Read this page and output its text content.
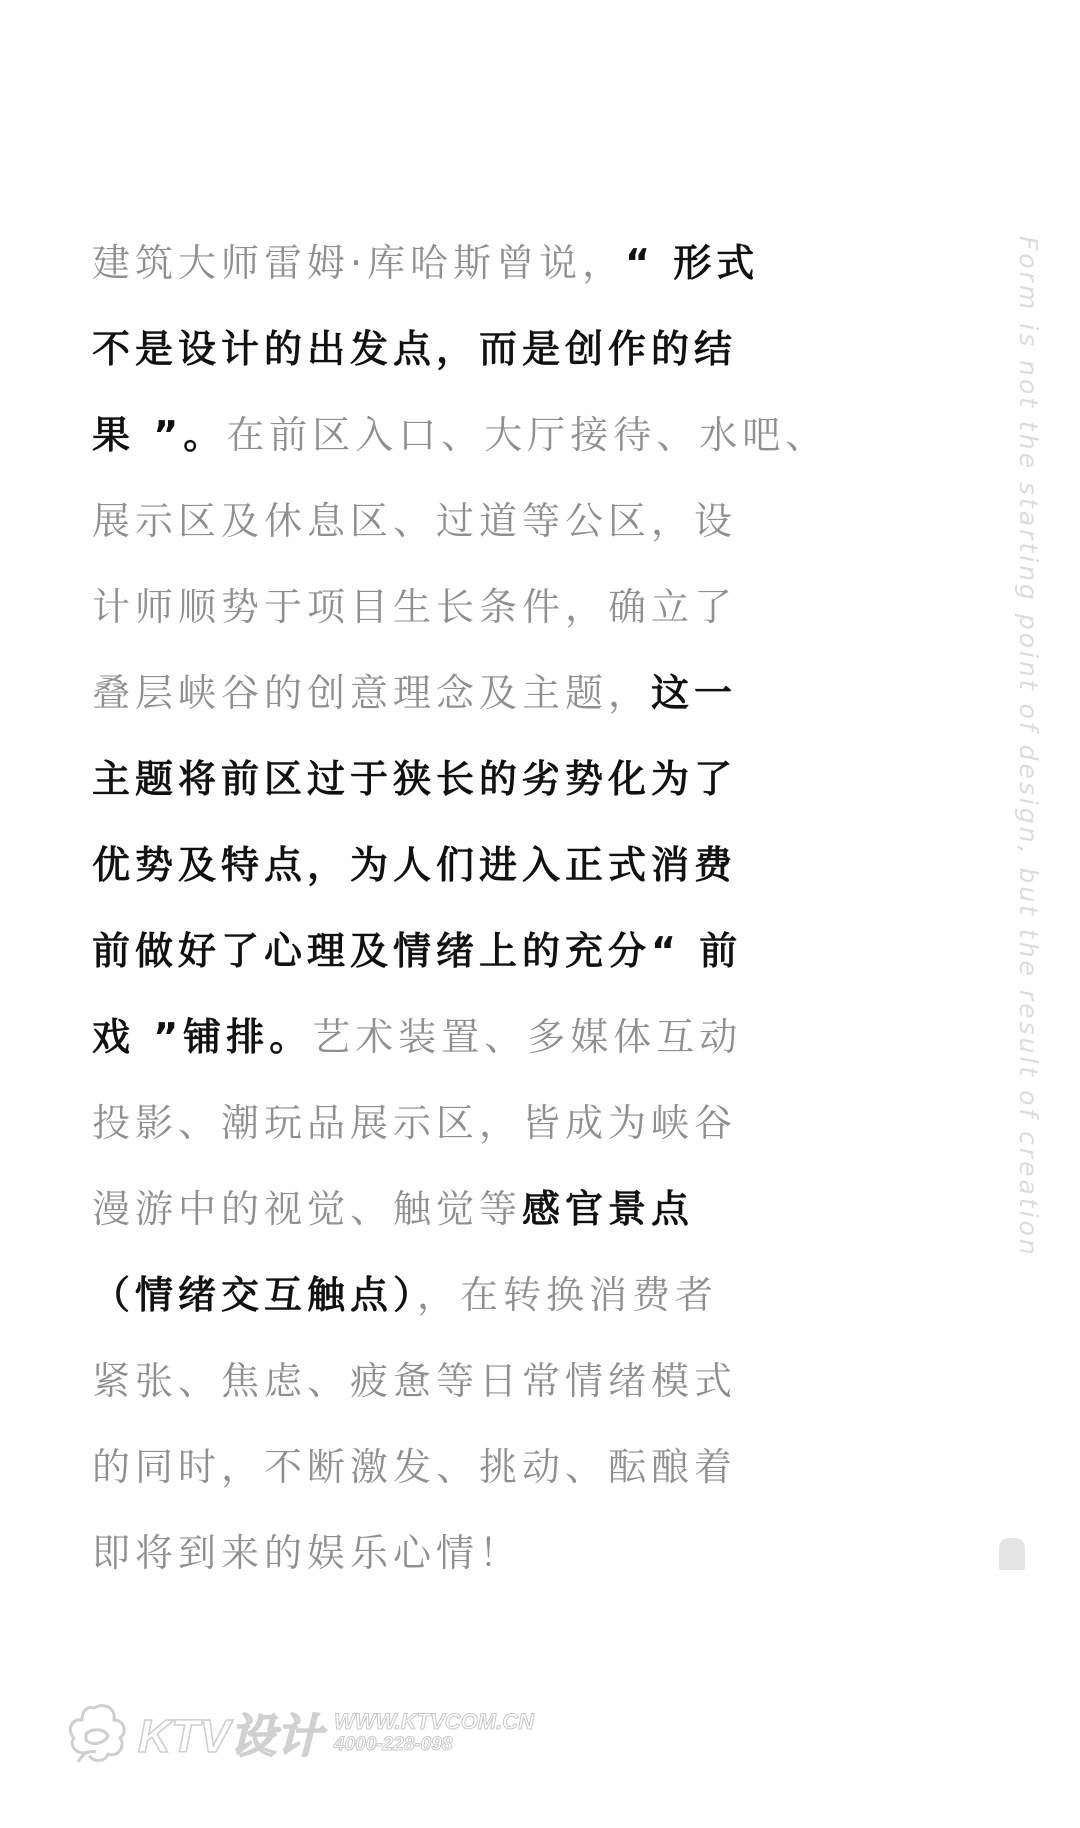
建筑大师雷姆·库哈斯曾说，“ 形式
不是设计的出发点，而是创作的结
果 ”。在前区入口、大厅接待、水吧、
展示区及休息区、过道等公区，设
计师顺势于项目生长条件，确立了
叠层峡谷的创意理念及主题，这一
主题将前区过于狭长的劣势化为了
优势及特点，为人们进入正式消费
前做好了心理及情绪上的充分“ 前
戏 ”铺排。艺术装置、多媒体互动
投影、潮玩品展示区，皆成为峡谷
漫游中的视觉、触觉等感官景点
（情绪交互触点），在转换消费者
紧张、焦虑、疲惫等日常情绪模式
的同时，不断激发、挑动、酝酿着
即将到来的娱乐心情！
Form is not the starting point of design, but the result of creation
KTV设计 WWW.KTVCOM.CN
4000-228-098
